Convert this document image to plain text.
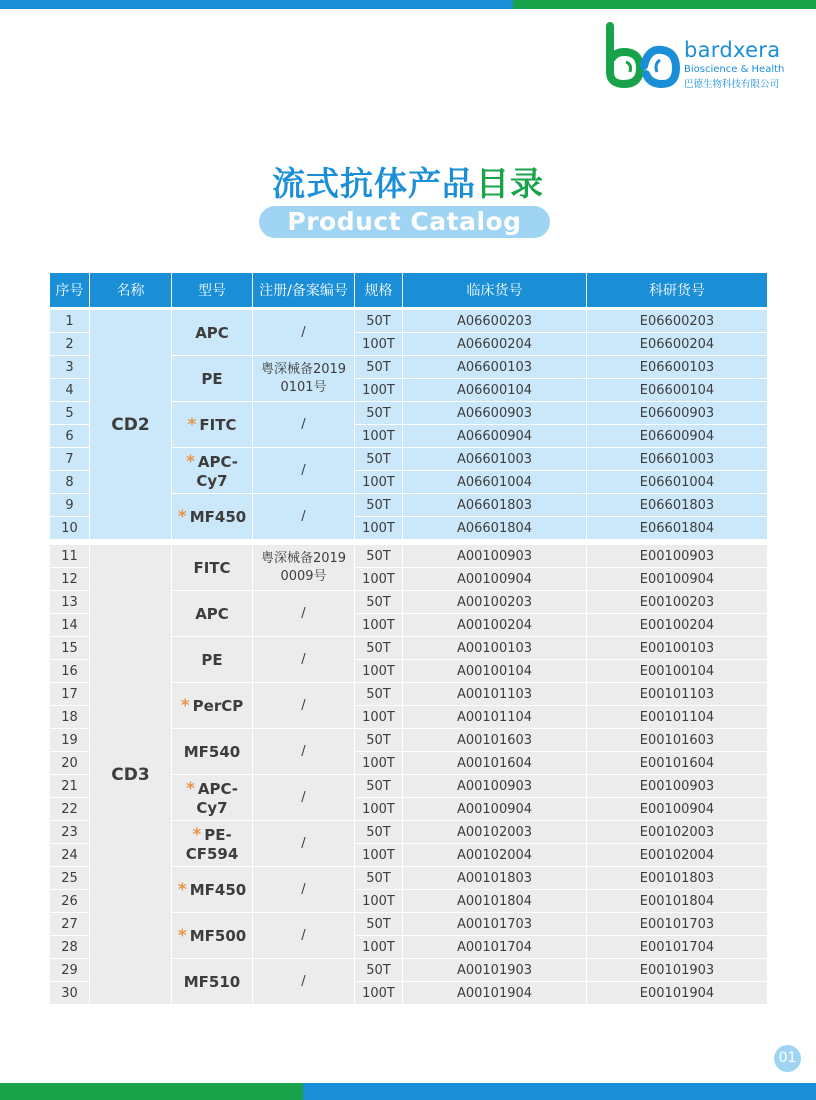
bardxera
Bioscience & Health
巴德生物科技有限公司
流式抗体产品目录
Product Catalog
序号	名称	型号	注册/备案编号	规格	临床货号	科研货号
1	CD2	APC	/	50T	A06600203	E06600203
2				100T	A06600204	E06600204
3		PE	粤深械备20190101号	50T	A06600103	E06600103
4				100T	A06600104	E06600104
5		* FITC	/	50T	A06600903	E06600903
6				100T	A06600904	E06600904
7		* APC-Cy7	/	50T	A06601003	E06601003
8				100T	A06601004	E06601004
9		* MF450	/	50T	A06601803	E06601803
10				100T	A06601804	E06601804
11	CD3	FITC	粤深械备20190009号	50T	A00100903	E00100903
12				100T	A00100904	E00100904
13		APC	/	50T	A00100203	E00100203
14				100T	A00100204	E00100204
15		PE	/	50T	A00100103	E00100103
16				100T	A00100104	E00100104
17		* PerCP	/	50T	A00101103	E00101103
18				100T	A00101104	E00101104
19		MF540	/	50T	A00101603	E00101603
20				100T	A00101604	E00101604
21		* APC-Cy7	/	50T	A00100903	E00100903
22				100T	A00100904	E00100904
23		* PE-CF594	/	50T	A00102003	E00102003
24				100T	A00102004	E00102004
25		* MF450	/	50T	A00101803	E00101803
26				100T	A00101804	E00101804
27		* MF500	/	50T	A00101703	E00101703
28				100T	A00101704	E00101704
29		MF510	/	50T	A00101903	E00101903
30				100T	A00101904	E00101904
01
